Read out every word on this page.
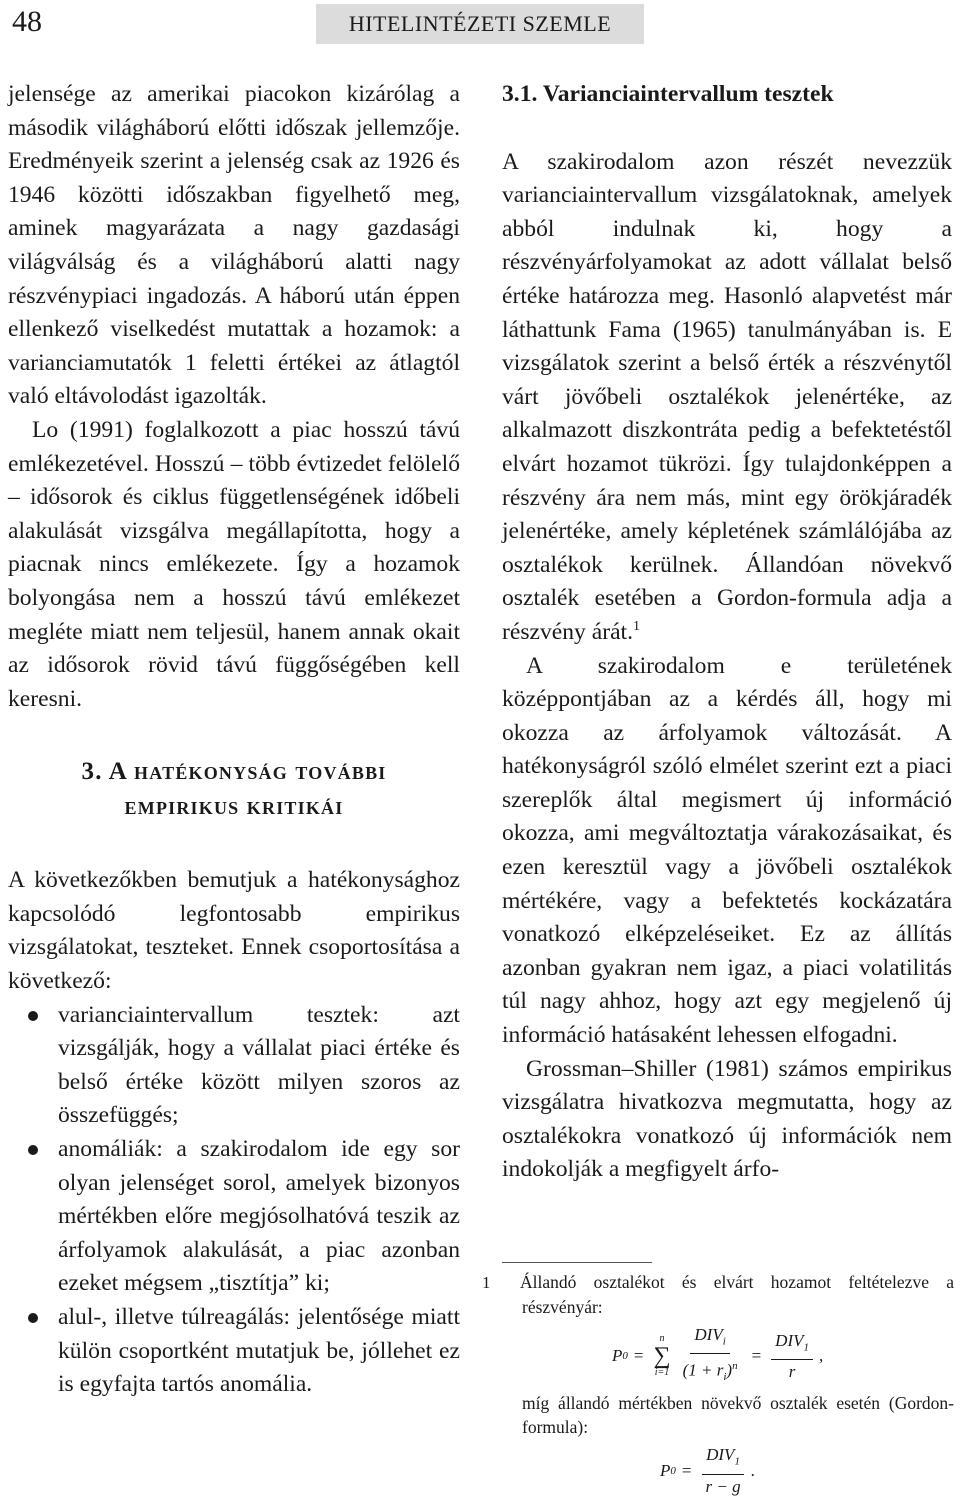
48	HITELINTÉZETI SZEMLE

jelensége az amerikai piacokon kizárólag a második világháború előtti időszak jellemzője. Eredményeik szerint a jelenség csak az 1926 és 1946 közötti időszakban figyelhető meg, aminek magyarázata a nagy gazdasági világválság és a világháború alatti nagy részvénypiaci ingadozás. A háború után éppen ellenkező viselkedést mutattak a hozamok: a varianciamutatók 1 feletti értékei az átlagtól való eltávolodást igazolták.

Lo (1991) foglalkozott a piac hosszú távú emlékezetével. Hosszú – több évtizedet felölelő – idősorok és ciklus függetlenségének időbeli alakulását vizsgálva megállapította, hogy a piacnak nincs emlékezete. Így a hozamok bolyongása nem a hosszú távú emlékezet megléte miatt nem teljesül, hanem annak okait az idősorok rövid távú függőségében kell keresni.

3. A hatékonyság további
empirikus kritikái

A következőkben bemutjuk a hatékonysághoz kapcsolódó legfontosabb empirikus vizsgálatokat, teszteket. Ennek csoportosítása a következő:

varianciaintervallum tesztek: azt vizsgálják, hogy a vállalat piaci értéke és belső értéke között milyen szoros az összefüggés;
anomáliák: a szakirodalom ide egy sor olyan jelenséget sorol, amelyek bizonyos mértékben előre megjósolhatóvá teszik az árfolyamok alakulását, a piac azonban ezeket mégsem „tisztítja” ki;
alul-, illetve túlreagálás: jelentősége miatt külön csoportként mutatjuk be, jóllehet ez is egyfajta tartós anomália.
3.1. Varianciaintervallum tesztek

A szakirodalom azon részét nevezzük varianciaintervallum vizsgálatoknak, amelyek abból indulnak ki, hogy a részvényárfolyamokat az adott vállalat belső értéke határozza meg. Hasonló alapvetést már láthattunk Fama (1965) tanulmányában is. E vizsgálatok szerint a belső érték a részvénytől várt jövőbeli osztalékok jelenértéke, az alkalmazott diszkontráta pedig a befektetéstől elvárt hozamot tükrözi. Így tulajdonképpen a részvény ára nem más, mint egy örökjáradék jelenértéke, amely képletének számlálójába az osztalékok kerülnek. Állandóan növekvő osztalék esetében a Gordon-formula adja a részvény árát.$^1$

A szakirodalom e területének középpontjában az a kérdés áll, hogy mi okozza az árfolyamok változását. A hatékonyságról szóló elmélet szerint ezt a piaci szereplők által megismert új információ okozza, ami megváltoztatja várakozásaikat, és ezen keresztül vagy a jövőbeli osztalékok mértékére, vagy a befektetés kockázatára vonatkozó elképzeléseiket. Ez az állítás azonban gyakran nem igaz, a piaci volatilitás túl nagy ahhoz, hogy azt egy megjelenő új információ hatásaként lehessen elfogadni.

Grossman–Shiller (1981) számos empirikus vizsgálatra hivatkozva megmutatta, hogy az osztalékokra vonatkozó új információk nem indokolják a megfigyelt árfo-

1 Állandó osztalékot és elvárt hozamot feltételezve a részvényár:
P 0 =
n
∑
$i=1 \frac{DIV_i}{(1 + r_i)^n} = \frac{DIV_1}{r}$ ,
míg állandó mértékben növekvő osztalék esetén (Gordon-formula):
P $0 = \frac{DIV_1}{r - g}$ .
